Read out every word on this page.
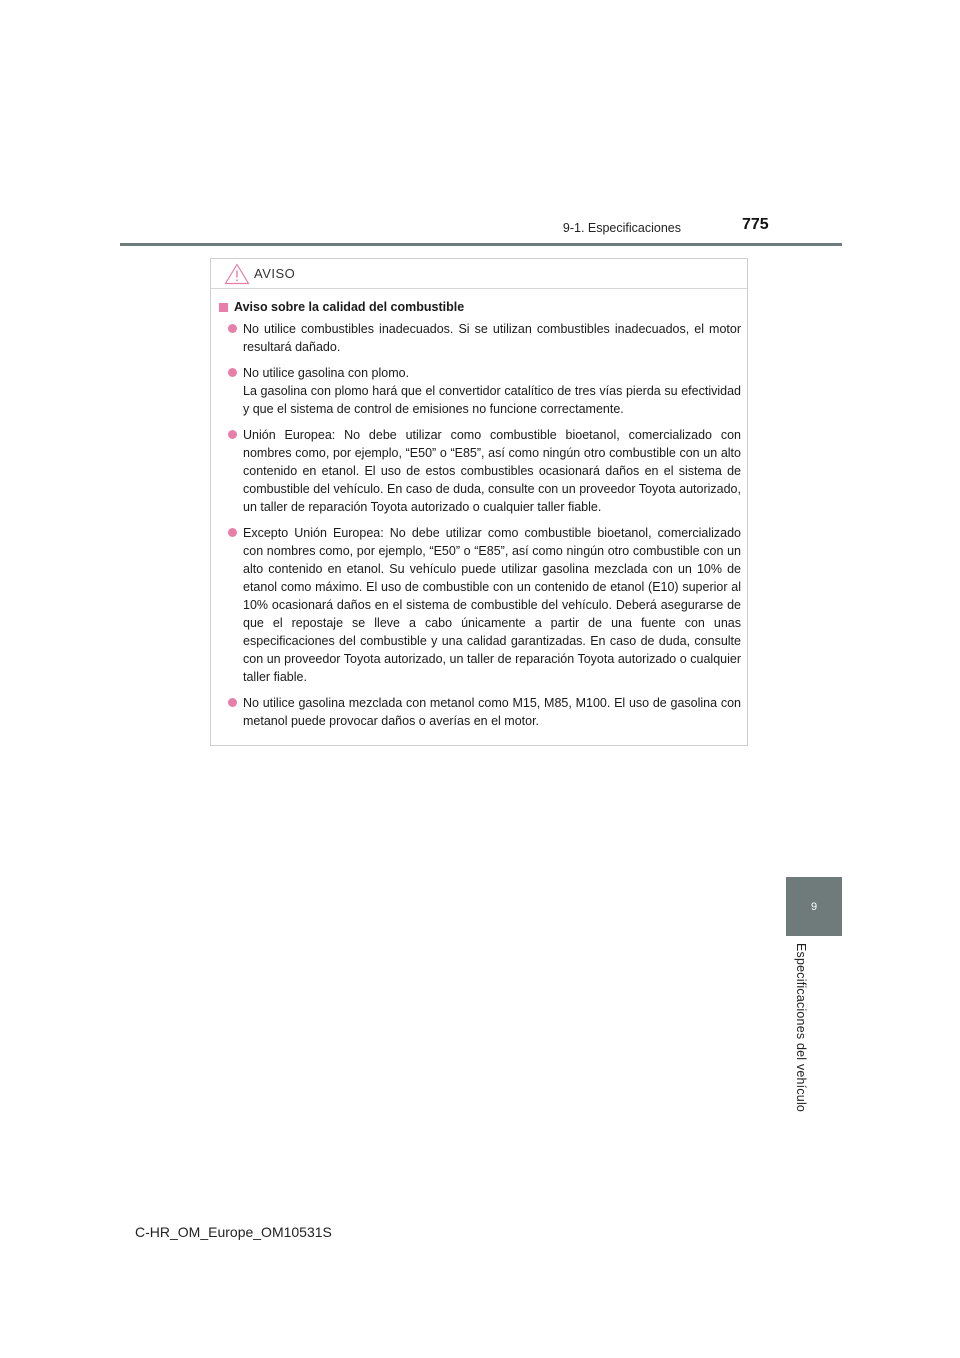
9-1. Especificaciones	775
AVISO
Aviso sobre la calidad del combustible
No utilice combustibles inadecuados. Si se utilizan combustibles inadecuados, el motor resultará dañado.
No utilice gasolina con plomo.
La gasolina con plomo hará que el convertidor catalítico de tres vías pierda su efectividad y que el sistema de control de emisiones no funcione correctamente.
Unión Europea: No debe utilizar como combustible bioetanol, comercializado con nombres como, por ejemplo, “E50” o “E85”, así como ningún otro combustible con un alto contenido en etanol. El uso de estos combustibles ocasionará daños en el sistema de combustible del vehículo. En caso de duda, consulte con un proveedor Toyota autorizado, un taller de reparación Toyota autorizado o cualquier taller fiable.
Excepto Unión Europea: No debe utilizar como combustible bioetanol, comercializado con nombres como, por ejemplo, “E50” o “E85”, así como ningún otro combustible con un alto contenido en etanol. Su vehículo puede utilizar gasolina mezclada con un 10% de etanol como máximo. El uso de combustible con un contenido de etanol (E10) superior al 10% ocasionará daños en el sistema de combustible del vehículo. Deberá asegurarse de que el repostaje se lleve a cabo únicamente a partir de una fuente con unas especificaciones del combustible y una calidad garantizadas. En caso de duda, consulte con un proveedor Toyota autorizado, un taller de reparación Toyota autorizado o cualquier taller fiable.
No utilice gasolina mezclada con metanol como M15, M85, M100. El uso de gasolina con metanol puede provocar daños o averías en el motor.
9
Especificaciones del vehículo
C-HR_OM_Europe_OM10531S
